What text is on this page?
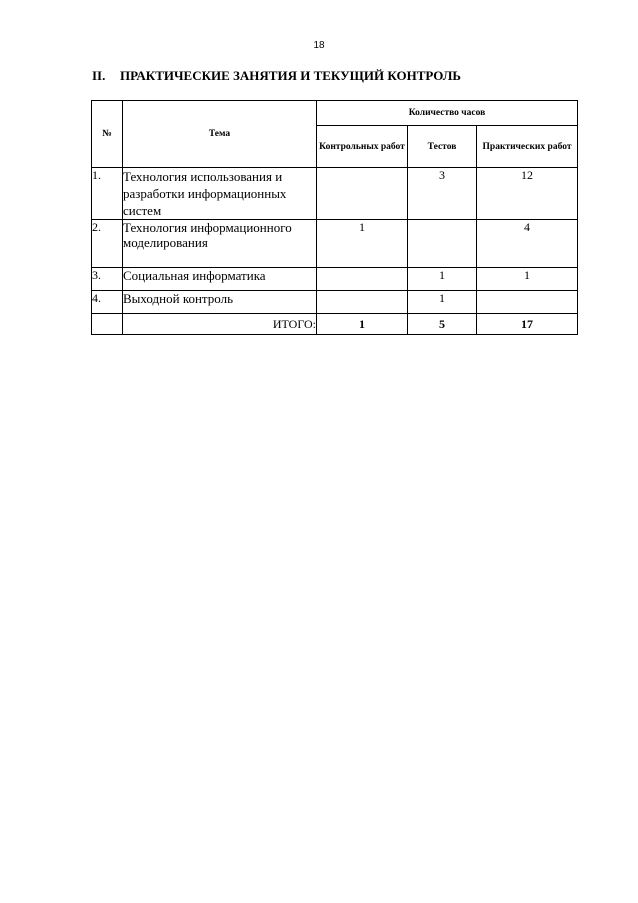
18
II. ПРАКТИЧЕСКИЕ ЗАНЯТИЯ И ТЕКУЩИЙ КОНТРОЛЬ
№	Тема	Количество часов		
		Контрольных работ	Тестов	Практических работ
1.	Технология использования и разработки информационных систем		3	12
2.	Технология информационного моделирования	1		4
3.	Социальная информатика		1	1
4.	Выходной контроль		1	
	ИТОГО:	1	5	17
